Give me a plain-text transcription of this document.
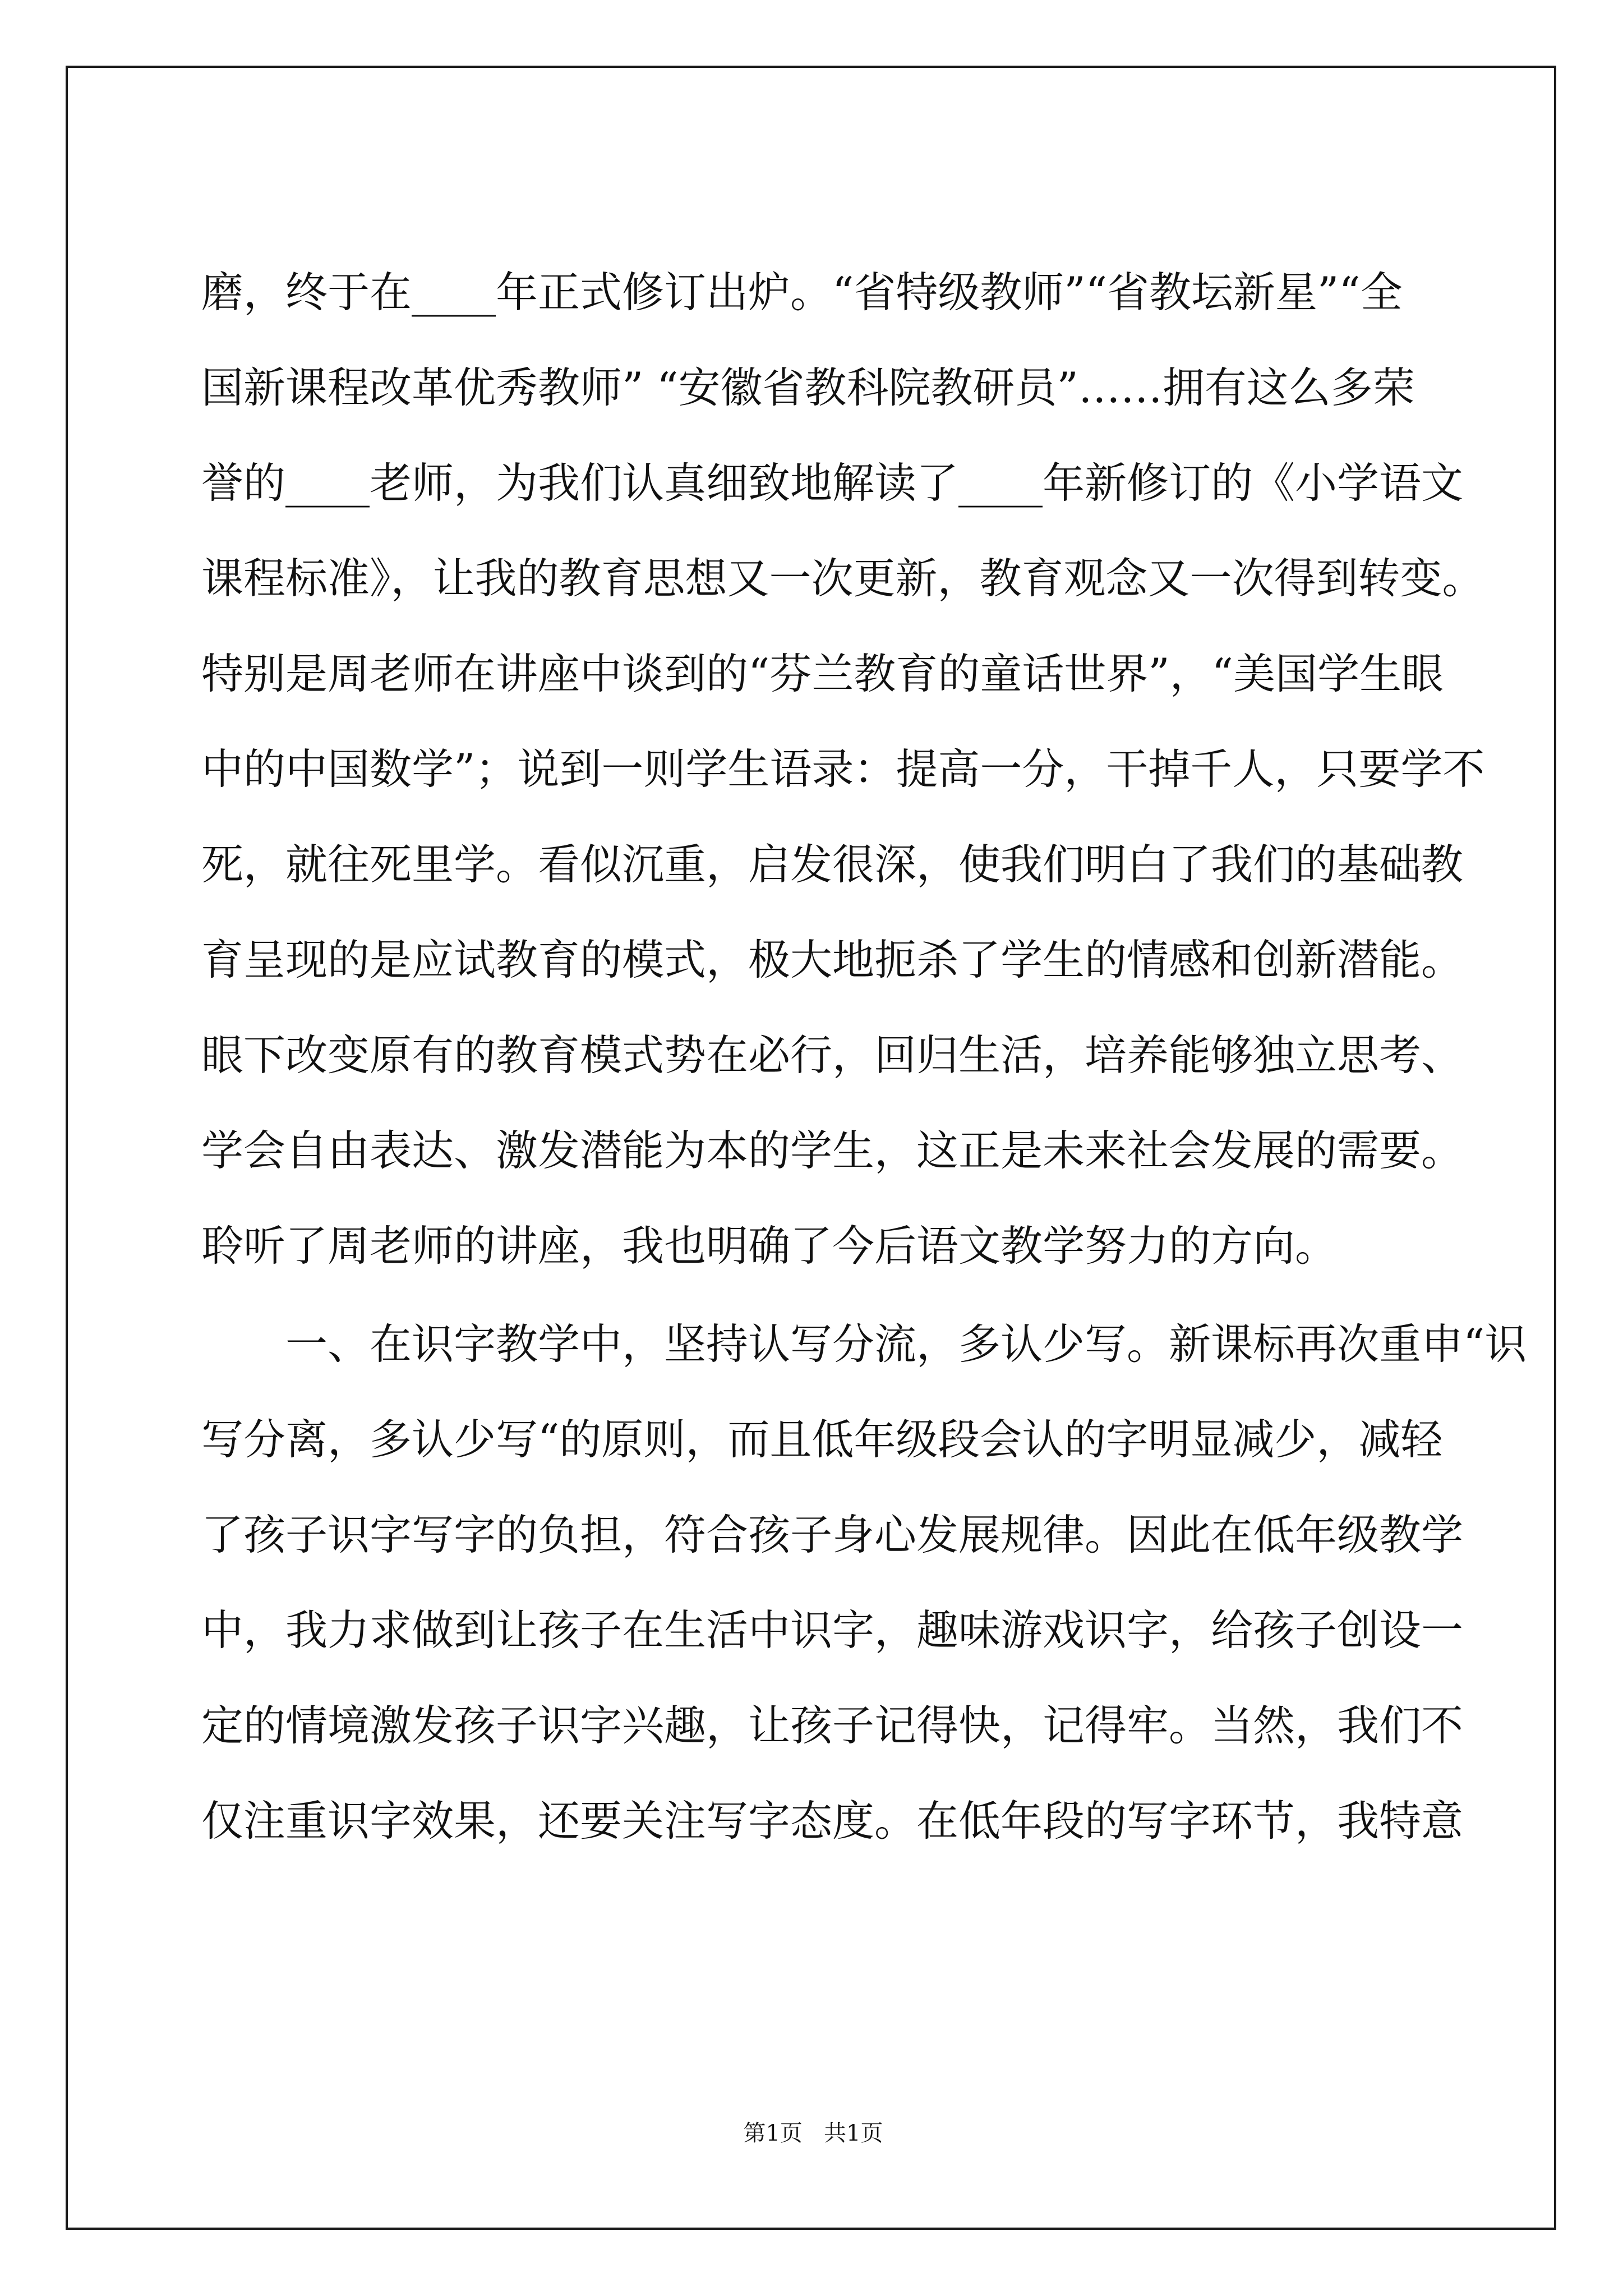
磨，终于在____年正式修订出炉。“省特级教师”“省教坛新星”“全
国新课程改革优秀教师” “安徽省教科院教研员”……拥有这么多荣
誉的____老师，为我们认真细致地解读了____年新修订的《小学语文
课程标准》，让我的教育思想又一次更新，教育观念又一次得到转变。
特别是周老师在讲座中谈到的“芬兰教育的童话世界”，“美国学生眼
中的中国数学”；说到一则学生语录：提高一分，干掉千人，只要学不
死，就往死里学。看似沉重，启发很深，使我们明白了我们的基础教
育呈现的是应试教育的模式，极大地扼杀了学生的情感和创新潜能。
眼下改变原有的教育模式势在必行，回归生活，培养能够独立思考、
学会自由表达、激发潜能为本的学生，这正是未来社会发展的需要。
聆听了周老师的讲座，我也明确了今后语文教学努力的方向。
　　一、在识字教学中，坚持认写分流，多认少写。新课标再次重申“识
写分离，多认少写“的原则，而且低年级段会认的字明显减少，减轻
了孩子识字写字的负担，符合孩子身心发展规律。因此在低年级教学
中，我力求做到让孩子在生活中识字，趣味游戏识字，给孩子创设一
定的情境激发孩子识字兴趣，让孩子记得快，记得牢。当然，我们不
仅注重识字效果，还要关注写字态度。在低年段的写字环节，我特意
第1页   共1页
